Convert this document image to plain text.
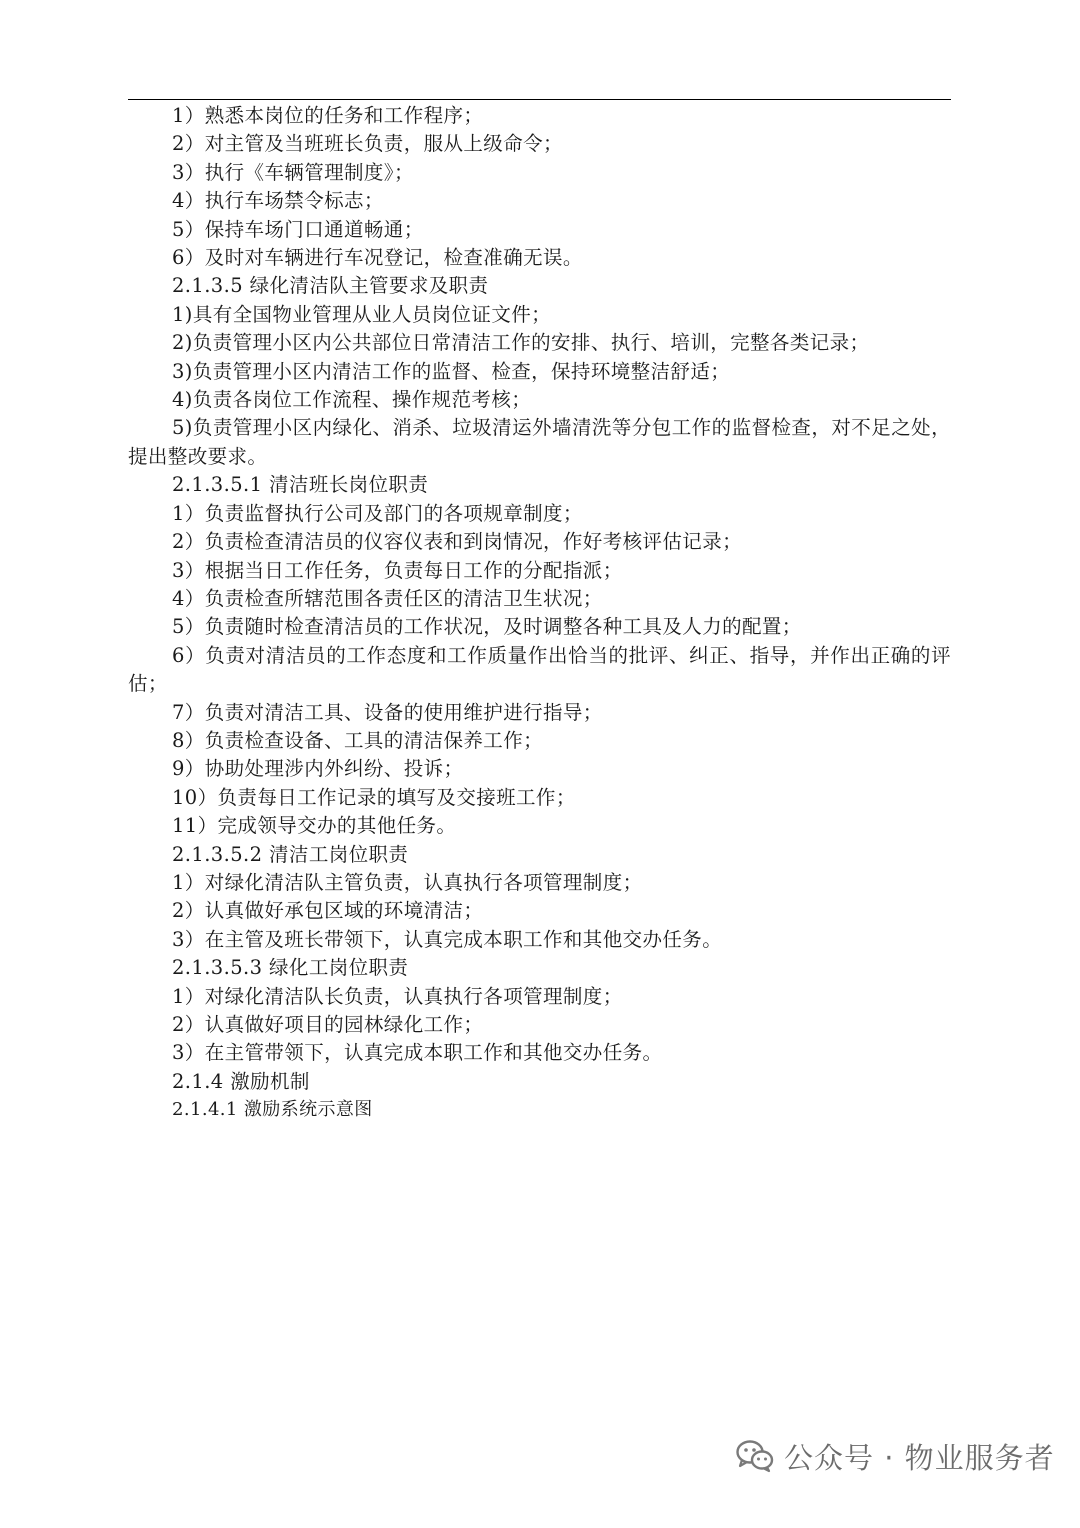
1）熟悉本岗位的任务和工作程序；
2）对主管及当班班长负责，服从上级命令；
3）执行《车辆管理制度》；
4）执行车场禁令标志；
5）保持车场门口通道畅通；
6）及时对车辆进行车况登记，检查准确无误。
2.1.3.5 绿化清洁队主管要求及职责
1)具有全国物业管理从业人员岗位证文件；
2)负责管理小区内公共部位日常清洁工作的安排、执行、培训，完整各类记录；
3)负责管理小区内清洁工作的监督、检查，保持环境整洁舒适；
4)负责各岗位工作流程、操作规范考核；
5)负责管理小区内绿化、消杀、垃圾清运外墙清洗等分包工作的监督检查，对不足之处，提出整改要求。
2.1.3.5.1 清洁班长岗位职责
1）负责监督执行公司及部门的各项规章制度；
2）负责检查清洁员的仪容仪表和到岗情况，作好考核评估记录；
3）根据当日工作任务，负责每日工作的分配指派；
4）负责检查所辖范围各责任区的清洁卫生状况；
5）负责随时检查清洁员的工作状况，及时调整各种工具及人力的配置；
6）负责对清洁员的工作态度和工作质量作出恰当的批评、纠正、指导，并作出正确的评估；
7）负责对清洁工具、设备的使用维护进行指导；
8）负责检查设备、工具的清洁保养工作；
9）协助处理涉内外纠纷、投诉；
10）负责每日工作记录的填写及交接班工作；
11）完成领导交办的其他任务。
2.1.3.5.2 清洁工岗位职责
1）对绿化清洁队主管负责，认真执行各项管理制度；
2）认真做好承包区域的环境清洁；
3）在主管及班长带领下，认真完成本职工作和其他交办任务。
2.1.3.5.3 绿化工岗位职责
1）对绿化清洁队长负责，认真执行各项管理制度；
2）认真做好项目的园林绿化工作；
3）在主管带领下，认真完成本职工作和其他交办任务。
2.1.4 激励机制
2.1.4.1 激励系统示意图
公众号 · 物业服务者
